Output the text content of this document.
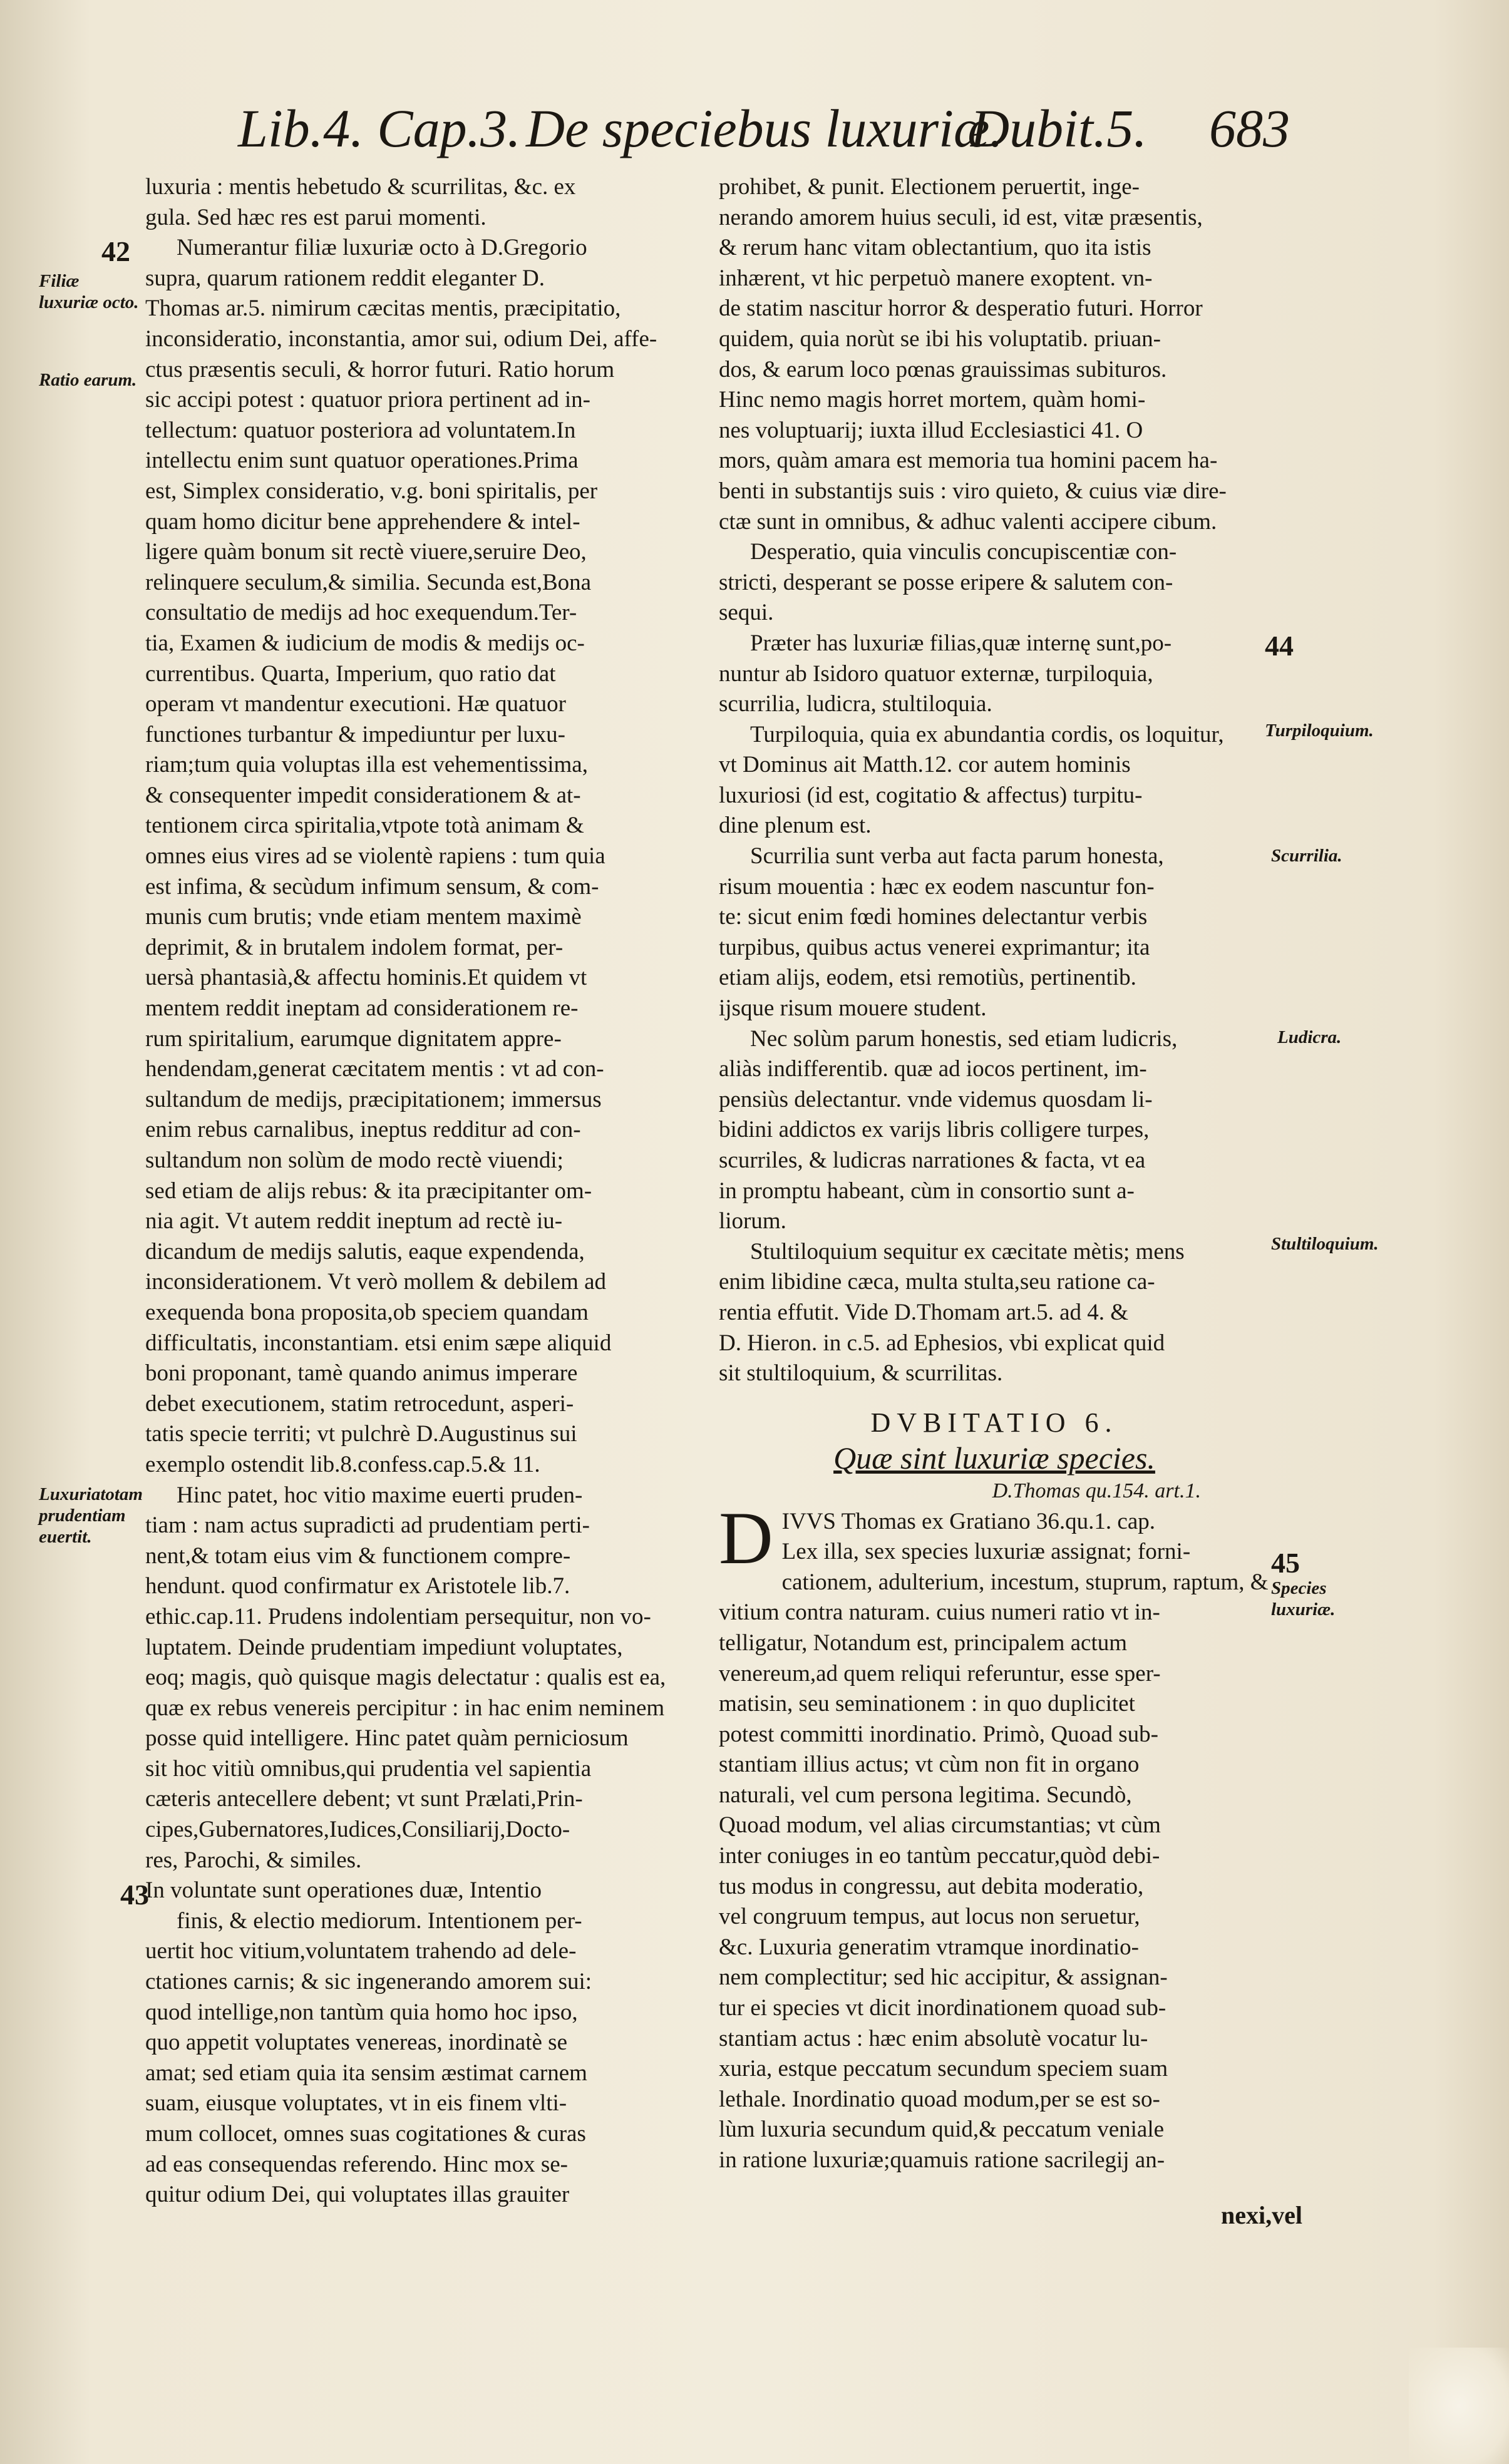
Lib.4. Cap.3. De speciebus luxuriæ.
Dubit.5. 683
42
Filiæ luxuriæ octo.
Ratio earum.
Luxuriatotam prudentiam euertit.
43
44
Turpiloquium.
Scurrilia.
Ludicra.
Stultiloquium.
45
Species luxuriæ.

luxuria : mentis hebetudo & scurrilitas, &c. ex
gula. Sed hæc res est parui momenti.
Numerantur filiæ luxuriæ octo à D.Gregorio
supra, quarum rationem reddit eleganter D.
Thomas ar.5. nimirum cæcitas mentis, præcipitatio,
inconsideratio, inconstantia, amor sui, odium Dei, affe-
ctus præsentis seculi, & horror futuri. Ratio horum
sic accipi potest : quatuor priora pertinent ad in-
tellectum: quatuor posteriora ad voluntatem.In
intellectu enim sunt quatuor operationes.Prima
est, Simplex consideratio, v.g. boni spiritalis, per
quam homo dicitur bene apprehendere & intel-
ligere quàm bonum sit rectè viuere,seruire Deo,
relinquere seculum,& similia. Secunda est,Bona
consultatio de medijs ad hoc exequendum.Ter-
tia, Examen & iudicium de modis & medijs oc-
currentibus. Quarta, Imperium, quo ratio dat
operam vt mandentur executioni. Hæ quatuor
functiones turbantur & impediuntur per luxu-
riam;tum quia voluptas illa est vehementissima,
& consequenter impedit considerationem & at-
tentionem circa spiritalia,vtpote totà animam &
omnes eius vires ad se violentè rapiens : tum quia
est infima, & secùdum infimum sensum, & com-
munis cum brutis; vnde etiam mentem maximè
deprimit, & in brutalem indolem format, per-
uersà phantasià,& affectu hominis.Et quidem vt
mentem reddit ineptam ad considerationem re-
rum spiritalium, earumque dignitatem appre-
hendendam,generat cæcitatem mentis : vt ad con-
sultandum de medijs, præcipitationem; immersus
enim rebus carnalibus, ineptus redditur ad con-
sultandum non solùm de modo rectè viuendi;
sed etiam de alijs rebus: & ita præcipitanter om-
nia agit. Vt autem reddit ineptum ad rectè iu-
dicandum de medijs salutis, eaque expendenda,
inconsiderationem. Vt verò mollem & debilem ad
exequenda bona proposita,ob speciem quandam
difficultatis, inconstantiam. etsi enim sæpe aliquid
boni proponant, tamè quando animus imperare
debet executionem, statim retrocedunt, asperi-
tatis specie territi; vt pulchrè D.Augustinus sui
exemplo ostendit lib.8.confess.cap.5.& 11.
Hinc patet, hoc vitio maxime euerti pruden-
tiam : nam actus supradicti ad prudentiam perti-
nent,& totam eius vim & functionem compre-
hendunt. quod confirmatur ex Aristotele lib.7.
ethic.cap.11. Prudens indolentiam persequitur, non vo-
luptatem. Deinde prudentiam impediunt voluptates,
eoq; magis, quò quisque magis delectatur : qualis est ea,
quæ ex rebus venereis percipitur : in hac enim neminem
posse quid intelligere. Hinc patet quàm perniciosum
sit hoc vitiù omnibus,qui prudentia vel sapientia
cæteris antecellere debent; vt sunt Prælati,Prin-
cipes,Gubernatores,Iudices,Consiliarij,Docto-
res, Parochi, & similes.
In voluntate sunt operationes duæ, Intentio
finis, & electio mediorum. Intentionem per-
uertit hoc vitium,voluntatem trahendo ad dele-
ctationes carnis; & sic ingenerando amorem sui:
quod intellige,non tantùm quia homo hoc ipso,
quo appetit voluptates venereas, inordinatè se
amat; sed etiam quia ita sensim æstimat carnem
suam, eiusque voluptates, vt in eis finem vlti-
mum collocet, omnes suas cogitationes & curas
ad eas consequendas referendo. Hinc mox se-
quitur odium Dei, qui voluptates illas grauiter

prohibet, & punit. Electionem peruertit, inge-
nerando amorem huius seculi, id est, vitæ præsentis,
& rerum hanc vitam oblectantium, quo ita istis
inhærent, vt hic perpetuò manere exoptent. vn-
de statim nascitur horror & desperatio futuri. Horror
quidem, quia norùt se ibi his voluptatib. priuan-
dos, & earum loco pœnas grauissimas subituros.
Hinc nemo magis horret mortem, quàm homi-
nes voluptuarij; iuxta illud Ecclesiastici 41. O
mors, quàm amara est memoria tua homini pacem ha-
benti in substantijs suis : viro quieto, & cuius viæ dire-
ctæ sunt in omnibus, & adhuc valenti accipere cibum.
Desperatio, quia vinculis concupiscentiæ con-
stricti, desperant se posse eripere & salutem con-
sequi.
Præter has luxuriæ filias,quæ internę sunt,po-
nuntur ab Isidoro quatuor externæ, turpiloquia,
scurrilia, ludicra, stultiloquia.
Turpiloquia, quia ex abundantia cordis, os loquitur,
vt Dominus ait Matth.12. cor autem hominis
luxuriosi (id est, cogitatio & affectus) turpitu-
dine plenum est.
Scurrilia sunt verba aut facta parum honesta,
risum mouentia : hæc ex eodem nascuntur fon-
te: sicut enim fœdi homines delectantur verbis
turpibus, quibus actus venerei exprimantur; ita
etiam alijs, eodem, etsi remotiùs, pertinentib.
ijsque risum mouere student.
Nec solùm parum honestis, sed etiam ludicris,
aliàs indifferentib. quæ ad iocos pertinent, im-
pensiùs delectantur. vnde videmus quosdam li-
bidini addictos ex varijs libris colligere turpes,
scurriles, & ludicras narrationes & facta, vt ea
in promptu habeant, cùm in consortio sunt a-
liorum.
Stultiloquium sequitur ex cæcitate mètis; mens
enim libidine cæca, multa stulta,seu ratione ca-
rentia effutit. Vide D.Thomam art.5. ad 4. &
D. Hieron. in c.5. ad Ephesios, vbi explicat quid
sit stultiloquium, & scurrilitas.

DVBITATIO 6.
Quæ sint luxuriæ species.
D.Thomas qu.154. art.1.
D IVVS Thomas ex Gratiano 36.qu.1. cap.
Lex illa, sex species luxuriæ assignat; forni-
cationem, adulterium, incestum, stuprum, raptum, &
vitium contra naturam. cuius numeri ratio vt in-
telligatur, Notandum est, principalem actum
venereum,ad quem reliqui referuntur, esse sper-
matisin, seu seminationem : in quo duplicitet
potest committi inordinatio. Primò, Quoad sub-
stantiam illius actus; vt cùm non fit in organo
naturali, vel cum persona legitima. Secundò,
Quoad modum, vel alias circumstantias; vt cùm
inter coniuges in eo tantùm peccatur,quòd debi-
tus modus in congressu, aut debita moderatio,
vel congruum tempus, aut locus non seruetur,
&c. Luxuria generatim vtramque inordinatio-
nem complectitur; sed hic accipitur, & assignan-
tur ei species vt dicit inordinationem quoad sub-
stantiam actus : hæc enim absolutè vocatur lu-
xuria, estque peccatum secundum speciem suam
lethale. Inordinatio quoad modum,per se est so-
lùm luxuria secundum quid,& peccatum veniale
in ratione luxuriæ;quamuis ratione sacrilegij an-

nexi,vel
